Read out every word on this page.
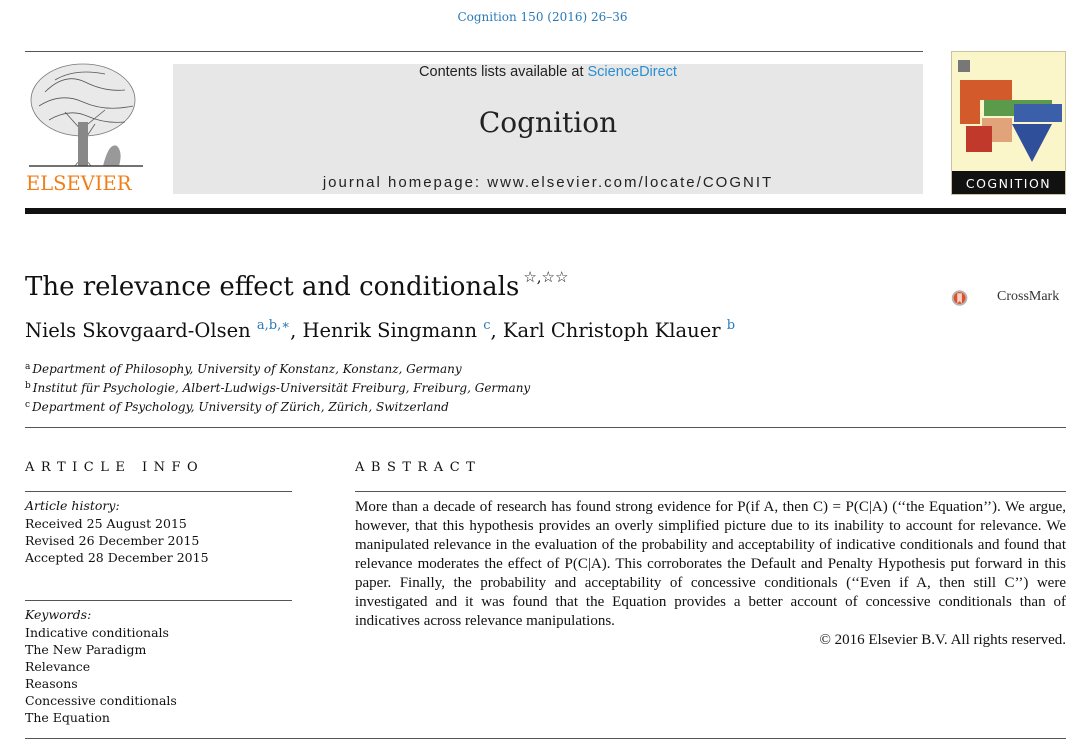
Cognition 150 (2016) 26–36
ELSEVIER
Contents lists available at ScienceDirect
Cognition
journal homepage: www.elsevier.com/locate/COGNIT	COGNITION
The relevance effect and conditionals ☆,☆☆
CrossMark
Niels Skovgaard-Olsen $^{a,b,∗}$, Henrik Singmann $^c$, Karl Christoph Klauer $^b$
$^a$ Department of Philosophy, University of Konstanz, Konstanz, Germany
$^b$ Institut für Psychologie, Albert-Ludwigs-Universität Freiburg, Freiburg, Germany
$^c$ Department of Psychology, University of Zürich, Zürich, Switzerland
ARTICLE INFO	ABSTRACT
Article history:
Received 25 August 2015
Revised 26 December 2015
Accepted 28 December 2015
Keywords:
Indicative conditionals
The New Paradigm
Relevance
Reasons
Concessive conditionals
The Equation
More than a decade of research has found strong evidence for P(if A, then C) = P(C|A) (‘‘the Equation’’). We argue, however, that this hypothesis provides an overly simplified picture due to its inability to account for relevance. We manipulated relevance in the evaluation of the probability and acceptability of indicative conditionals and found that relevance moderates the effect of P(C|A). This corroborates the Default and Penalty Hypothesis put forward in this paper. Finally, the probability and acceptability of concessive conditionals (‘‘Even if A, then still C’’) were investigated and it was found that the Equation provides a better account of concessive conditionals than of indicatives across relevance manipulations.
© 2016 Elsevier B.V. All rights reserved.
